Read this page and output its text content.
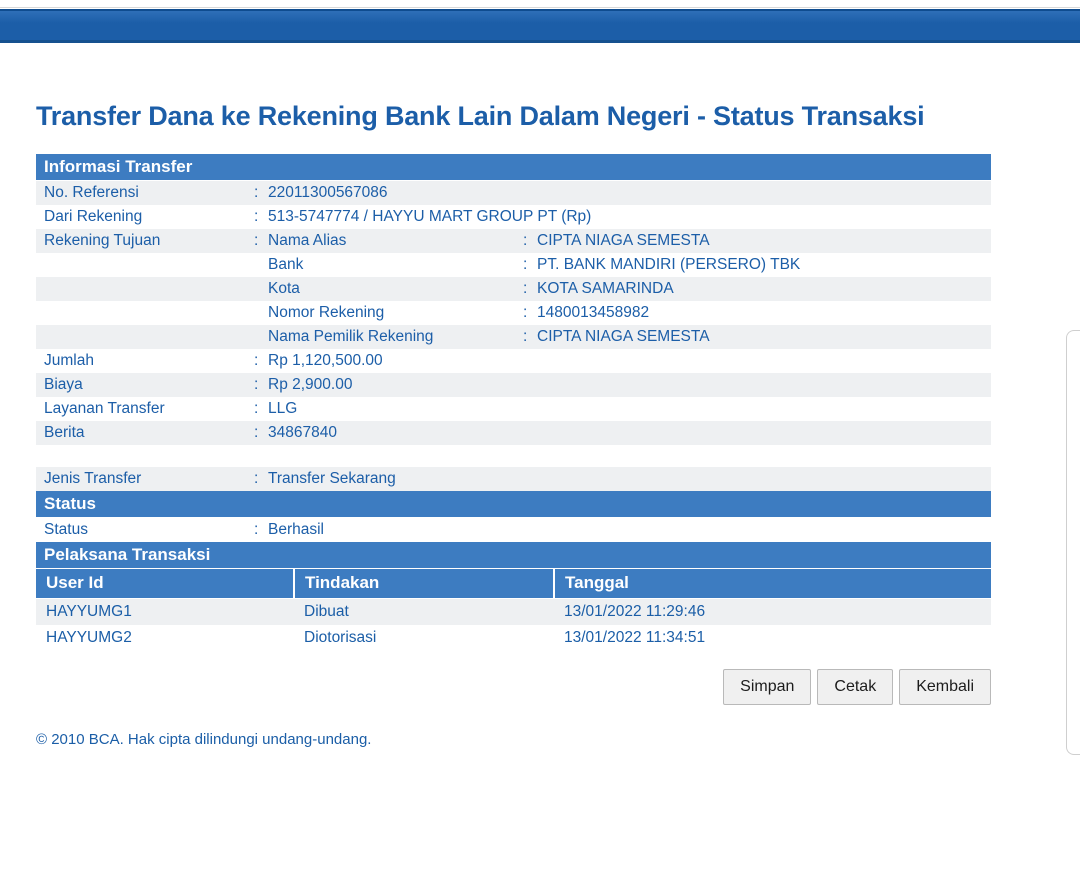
Transfer Dana ke Rekening Bank Lain Dalam Negeri - Status Transaksi
Informasi Transfer				
No. Referensi	:	22011300567086		
Dari Rekening	:	513-5747774 / HAYYU MART GROUP PT (Rp)		
Rekening Tujuan	:	Nama Alias	:	CIPTA NIAGA SEMESTA
		Bank	:	PT. BANK MANDIRI (PERSERO) TBK
		Kota	:	KOTA SAMARINDA
		Nomor Rekening	:	1480013458982
		Nama Pemilik Rekening	:	CIPTA NIAGA SEMESTA
Jumlah	:	Rp 1,120,500.00		
Biaya	:	Rp 2,900.00		
Layanan Transfer	:	LLG		
Berita	:	34867840		

Jenis Transfer	:	Transfer Sekarang		
Status				
Status	:	Berhasil		
Pelaksana Transaksi				
User Id	Tindakan	Tanggal
HAYYUMG1	Dibuat	13/01/2022 11:29:46
HAYYUMG2	Diotorisasi	13/01/2022 11:34:51
Simpan	Cetak	Kembali
© 2010 BCA. Hak cipta dilindungi undang-undang.
